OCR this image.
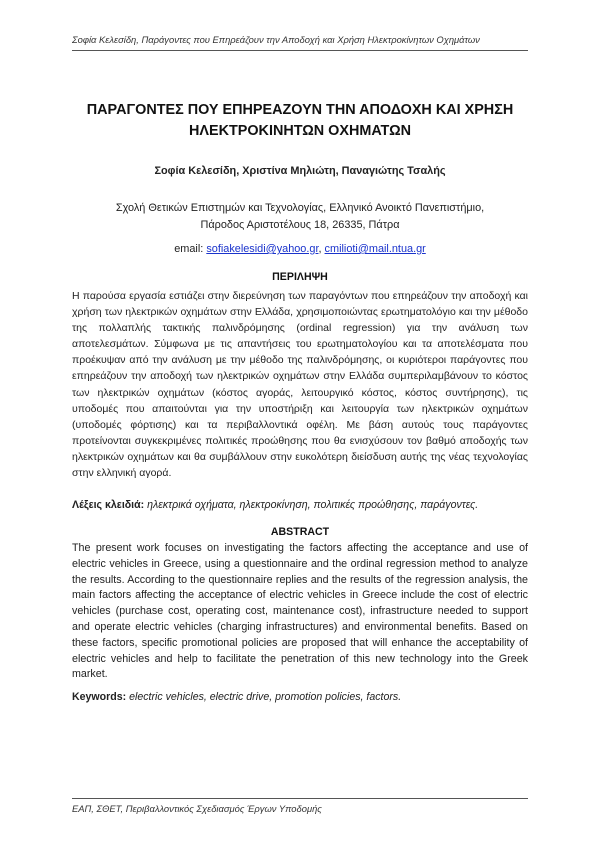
Σοφία Κελεσίδη, Παράγοντες που Επηρεάζουν την Αποδοχή και Χρήση Ηλεκτροκίνητων Οχημάτων
ΠΑΡΑΓΟΝΤΕΣ ΠΟΥ ΕΠΗΡΕΑΖΟΥΝ ΤΗΝ ΑΠΟΔΟΧΗ ΚΑΙ ΧΡΗΣΗ
ΗΛΕΚΤΡΟΚΙΝΗΤΩΝ ΟΧΗΜΑΤΩΝ
Σοφία Κελεσίδη, Χριστίνα Μηλιώτη, Παναγιώτης Τσαλής
Σχολή Θετικών Επιστημών και Τεχνολογίας, Ελληνικό Ανοικτό Πανεπιστήμιο,
Πάροδος Αριστοτέλους 18, 26335, Πάτρα
email: sofiakelesidi@yahoo.gr, cmilioti@mail.ntua.gr
ΠΕΡΙΛΗΨΗ
Η παρούσα εργασία εστιάζει στην διερεύνηση των παραγόντων που επηρεάζουν την αποδοχή και χρήση των ηλεκτρικών οχημάτων στην Ελλάδα, χρησιμοποιώντας ερωτηματολόγιο και την μέθοδο της πολλαπλής τακτικής παλινδρόμησης (ordinal regression) για την ανάλυση των αποτελεσμάτων. Σύμφωνα με τις απαντήσεις του ερωτηματολογίου και τα αποτελέσματα που προέκυψαν από την ανάλυση με την μέθοδο της παλινδρόμησης, οι κυριότεροι παράγοντες που επηρεάζουν την αποδοχή των ηλεκτρικών οχημάτων στην Ελλάδα συμπεριλαμβάνουν το κόστος των ηλεκτρικών οχημάτων (κόστος αγοράς, λειτουργικό κόστος, κόστος συντήρησης), τις υποδομές που απαιτούνται για την υποστήριξη και λειτουργία των ηλεκτρικών οχημάτων (υποδομές φόρτισης) και τα περιβαλλοντικά οφέλη. Με βάση αυτούς τους παράγοντες προτείνονται συγκεκριμένες πολιτικές προώθησης που θα ενισχύσουν τον βαθμό αποδοχής των ηλεκτρικών οχημάτων και θα συμβάλλουν στην ευκολότερη διείσδυση αυτής της νέας τεχνολογίας στην ελληνική αγορά.
Λέξεις κλειδιά: ηλεκτρικά οχήματα, ηλεκτροκίνηση, πολιτικές προώθησης, παράγοντες.
ABSTRACT
The present work focuses on investigating the factors affecting the acceptance and use of electric vehicles in Greece, using a questionnaire and the ordinal regression method to analyze the results. According to the questionnaire replies and the results of the regression analysis, the main factors affecting the acceptance of electric vehicles in Greece include the cost of electric vehicles (purchase cost, operating cost, maintenance cost), infrastructure needed to support and operate electric vehicles (charging infrastructures) and environmental benefits. Based on these factors, specific promotional policies are proposed that will enhance the acceptability of electric vehicles and help to facilitate the penetration of this new technology into the Greek market.
Keywords: electric vehicles, electric drive, promotion policies, factors.
ΕΑΠ, ΣΘΕΤ, Περιβαλλοντικός Σχεδιασμός Έργων Υποδομής
